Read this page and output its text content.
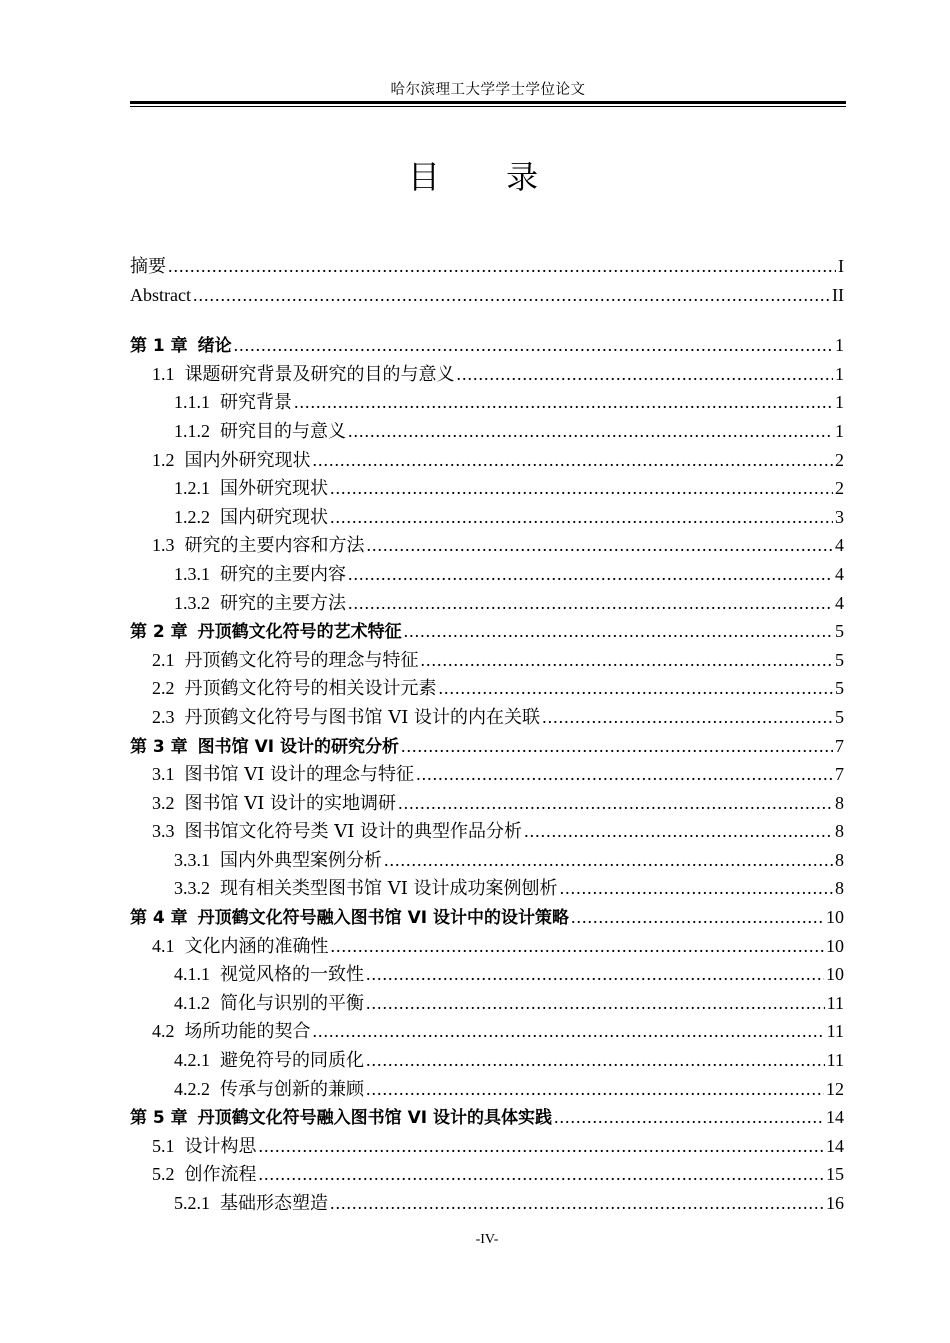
哈尔滨理工大学学士学位论文
目 录
摘要 .....	I
Abstract .....	II
第 1 章 绪论 .....	1
1.1 课题研究背景及研究的目的与意义 .....	1
1.1.1 研究背景 .....	1
1.1.2 研究目的与意义 .....	1
1.2 国内外研究现状 .....	2
1.2.1 国外研究现状 .....	2
1.2.2 国内研究现状 .....	3
1.3 研究的主要内容和方法 .....	4
1.3.1 研究的主要内容 .....	4
1.3.2 研究的主要方法 .....	4
第 2 章 丹顶鹤文化符号的艺术特征 .....	5
2.1 丹顶鹤文化符号的理念与特征 .....	5
2.2 丹顶鹤文化符号的相关设计元素 .....	5
2.3 丹顶鹤文化符号与图书馆 VI 设计的内在关联 .....	5
第 3 章 图书馆 VI 设计的研究分析 .....	7
3.1 图书馆 VI 设计的理念与特征 .....	7
3.2 图书馆 VI 设计的实地调研 .....	8
3.3 图书馆文化符号类 VI 设计的典型作品分析 .....	8
3.3.1 国内外典型案例分析 .....	8
3.3.2 现有相关类型图书馆 VI 设计成功案例刨析 .....	8
第 4 章 丹顶鹤文化符号融入图书馆 VI 设计中的设计策略 .....	10
4.1 文化内涵的准确性 .....	10
4.1.1 视觉风格的一致性 .....	10
4.1.2 简化与识别的平衡 .....	11
4.2 场所功能的契合 .....	11
4.2.1 避免符号的同质化 .....	11
4.2.2 传承与创新的兼顾 .....	12
第 5 章 丹顶鹤文化符号融入图书馆 VI 设计的具体实践 .....	14
5.1 设计构思 .....	14
5.2 创作流程 .....	15
5.2.1 基础形态塑造 .....	16
-IV-
